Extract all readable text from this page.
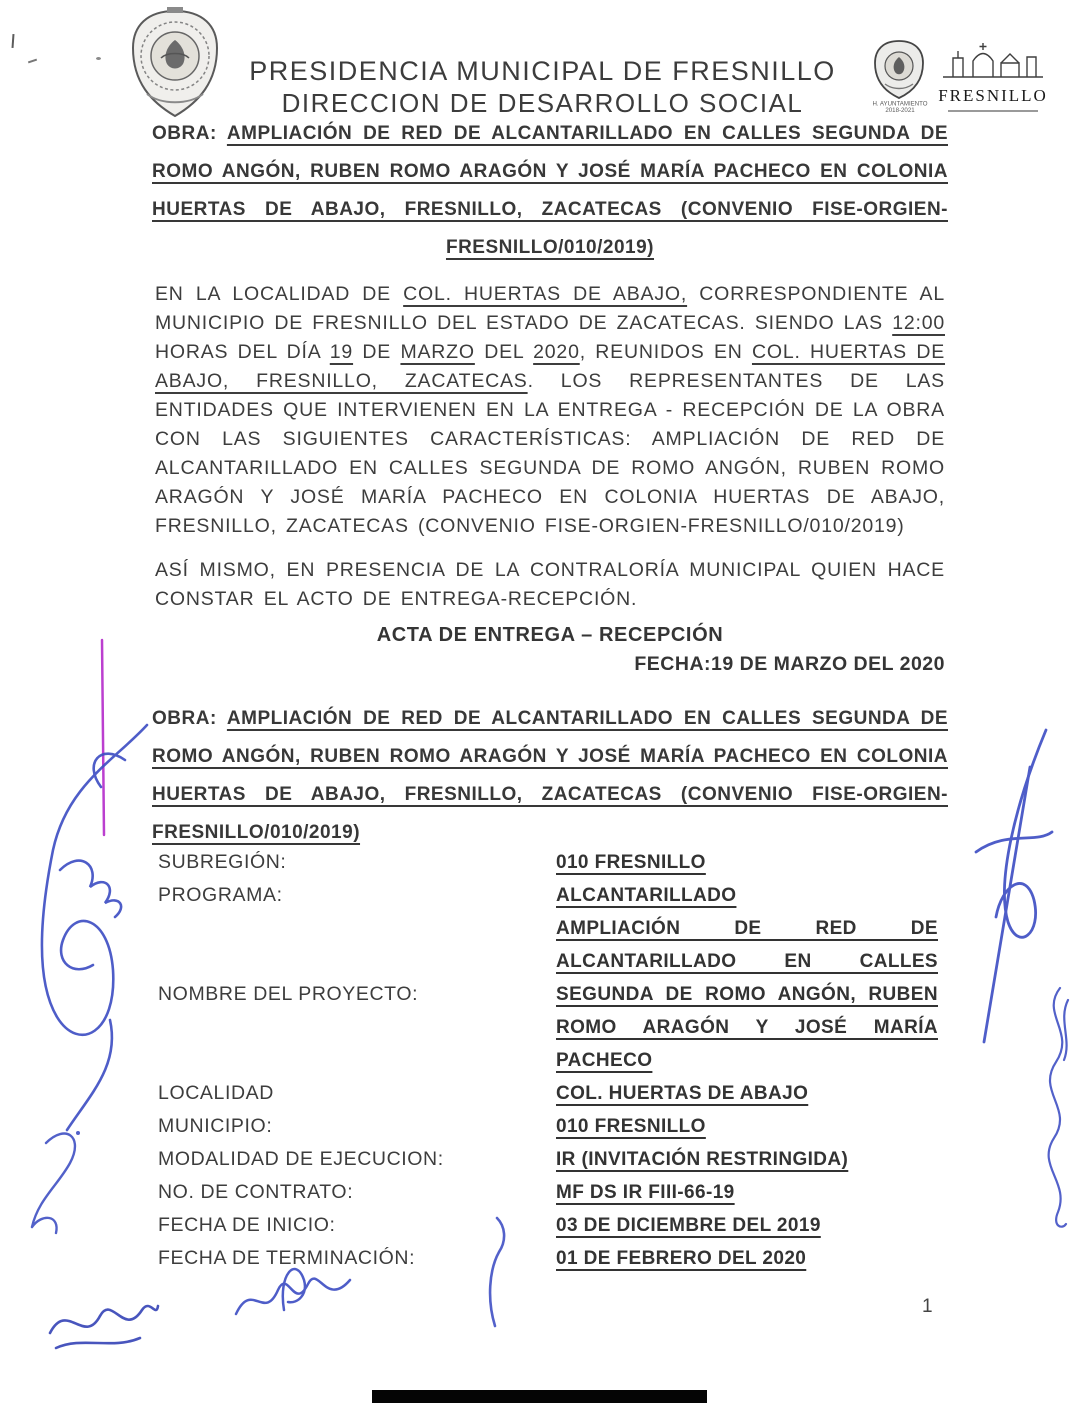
PRESIDENCIA MUNICIPAL DE FRESNILLO
DIRECCION DE DESARROLLO SOCIAL	H. AYUNTAMIENTO
2018-2021
FRESNILLO
OBRA: AMPLIACIÓN DE RED DE ALCANTARILLADO EN CALLES SEGUNDA DE ROMO ANGÓN, RUBEN ROMO ARAGÓN Y JOSÉ MARÍA PACHECO EN COLONIA HUERTAS DE ABAJO, FRESNILLO, ZACATECAS (CONVENIO FISE-ORGIEN-FRESNILLO/010/2019)
EN LA LOCALIDAD DE COL. HUERTAS DE ABAJO, CORRESPONDIENTE AL MUNICIPIO DE FRESNILLO DEL ESTADO DE ZACATECAS. SIENDO LAS 12:00 HORAS DEL DÍA 19 DE MARZO DEL 2020, REUNIDOS EN COL. HUERTAS DE ABAJO, FRESNILLO, ZACATECAS. LOS REPRESENTANTES DE LAS ENTIDADES QUE INTERVIENEN EN LA ENTREGA - RECEPCIÓN DE LA OBRA CON LAS SIGUIENTES CARACTERÍSTICAS: AMPLIACIÓN DE RED DE ALCANTARILLADO EN CALLES SEGUNDA DE ROMO ANGÓN, RUBEN ROMO ARAGÓN Y JOSÉ MARÍA PACHECO EN COLONIA HUERTAS DE ABAJO, FRESNILLO, ZACATECAS (CONVENIO FISE-ORGIEN-FRESNILLO/010/2019)
ASÍ MISMO, EN PRESENCIA DE LA CONTRALORÍA MUNICIPAL QUIEN HACE CONSTAR EL ACTO DE ENTREGA-RECEPCIÓN.
ACTA DE ENTREGA – RECEPCIÓN
FECHA:19 DE MARZO DEL 2020
OBRA: AMPLIACIÓN DE RED DE ALCANTARILLADO EN CALLES SEGUNDA DE ROMO ANGÓN, RUBEN ROMO ARAGÓN Y JOSÉ MARÍA PACHECO EN COLONIA HUERTAS DE ABAJO, FRESNILLO, ZACATECAS (CONVENIO FISE-ORGIEN-FRESNILLO/010/2019)
SUBREGIÓN:	010 FRESNILLO
PROGRAMA:	ALCANTARILLADO
NOMBRE DEL PROYECTO:
AMPLIACIÓN DE RED DE ALCANTARILLADO EN CALLES SEGUNDA DE ROMO ANGÓN, RUBEN ROMO ARAGÓN Y JOSÉ MARÍA PACHECO
LOCALIDAD	COL. HUERTAS DE ABAJO
MUNICIPIO:	010 FRESNILLO
MODALIDAD DE EJECUCION:	IR (INVITACIÓN RESTRINGIDA)
NO. DE CONTRATO:	MF DS IR FIII-66-19
FECHA DE INICIO:	03 DE DICIEMBRE DEL 2019
FECHA DE TERMINACIÓN:	01 DE FEBRERO DEL 2020
1
